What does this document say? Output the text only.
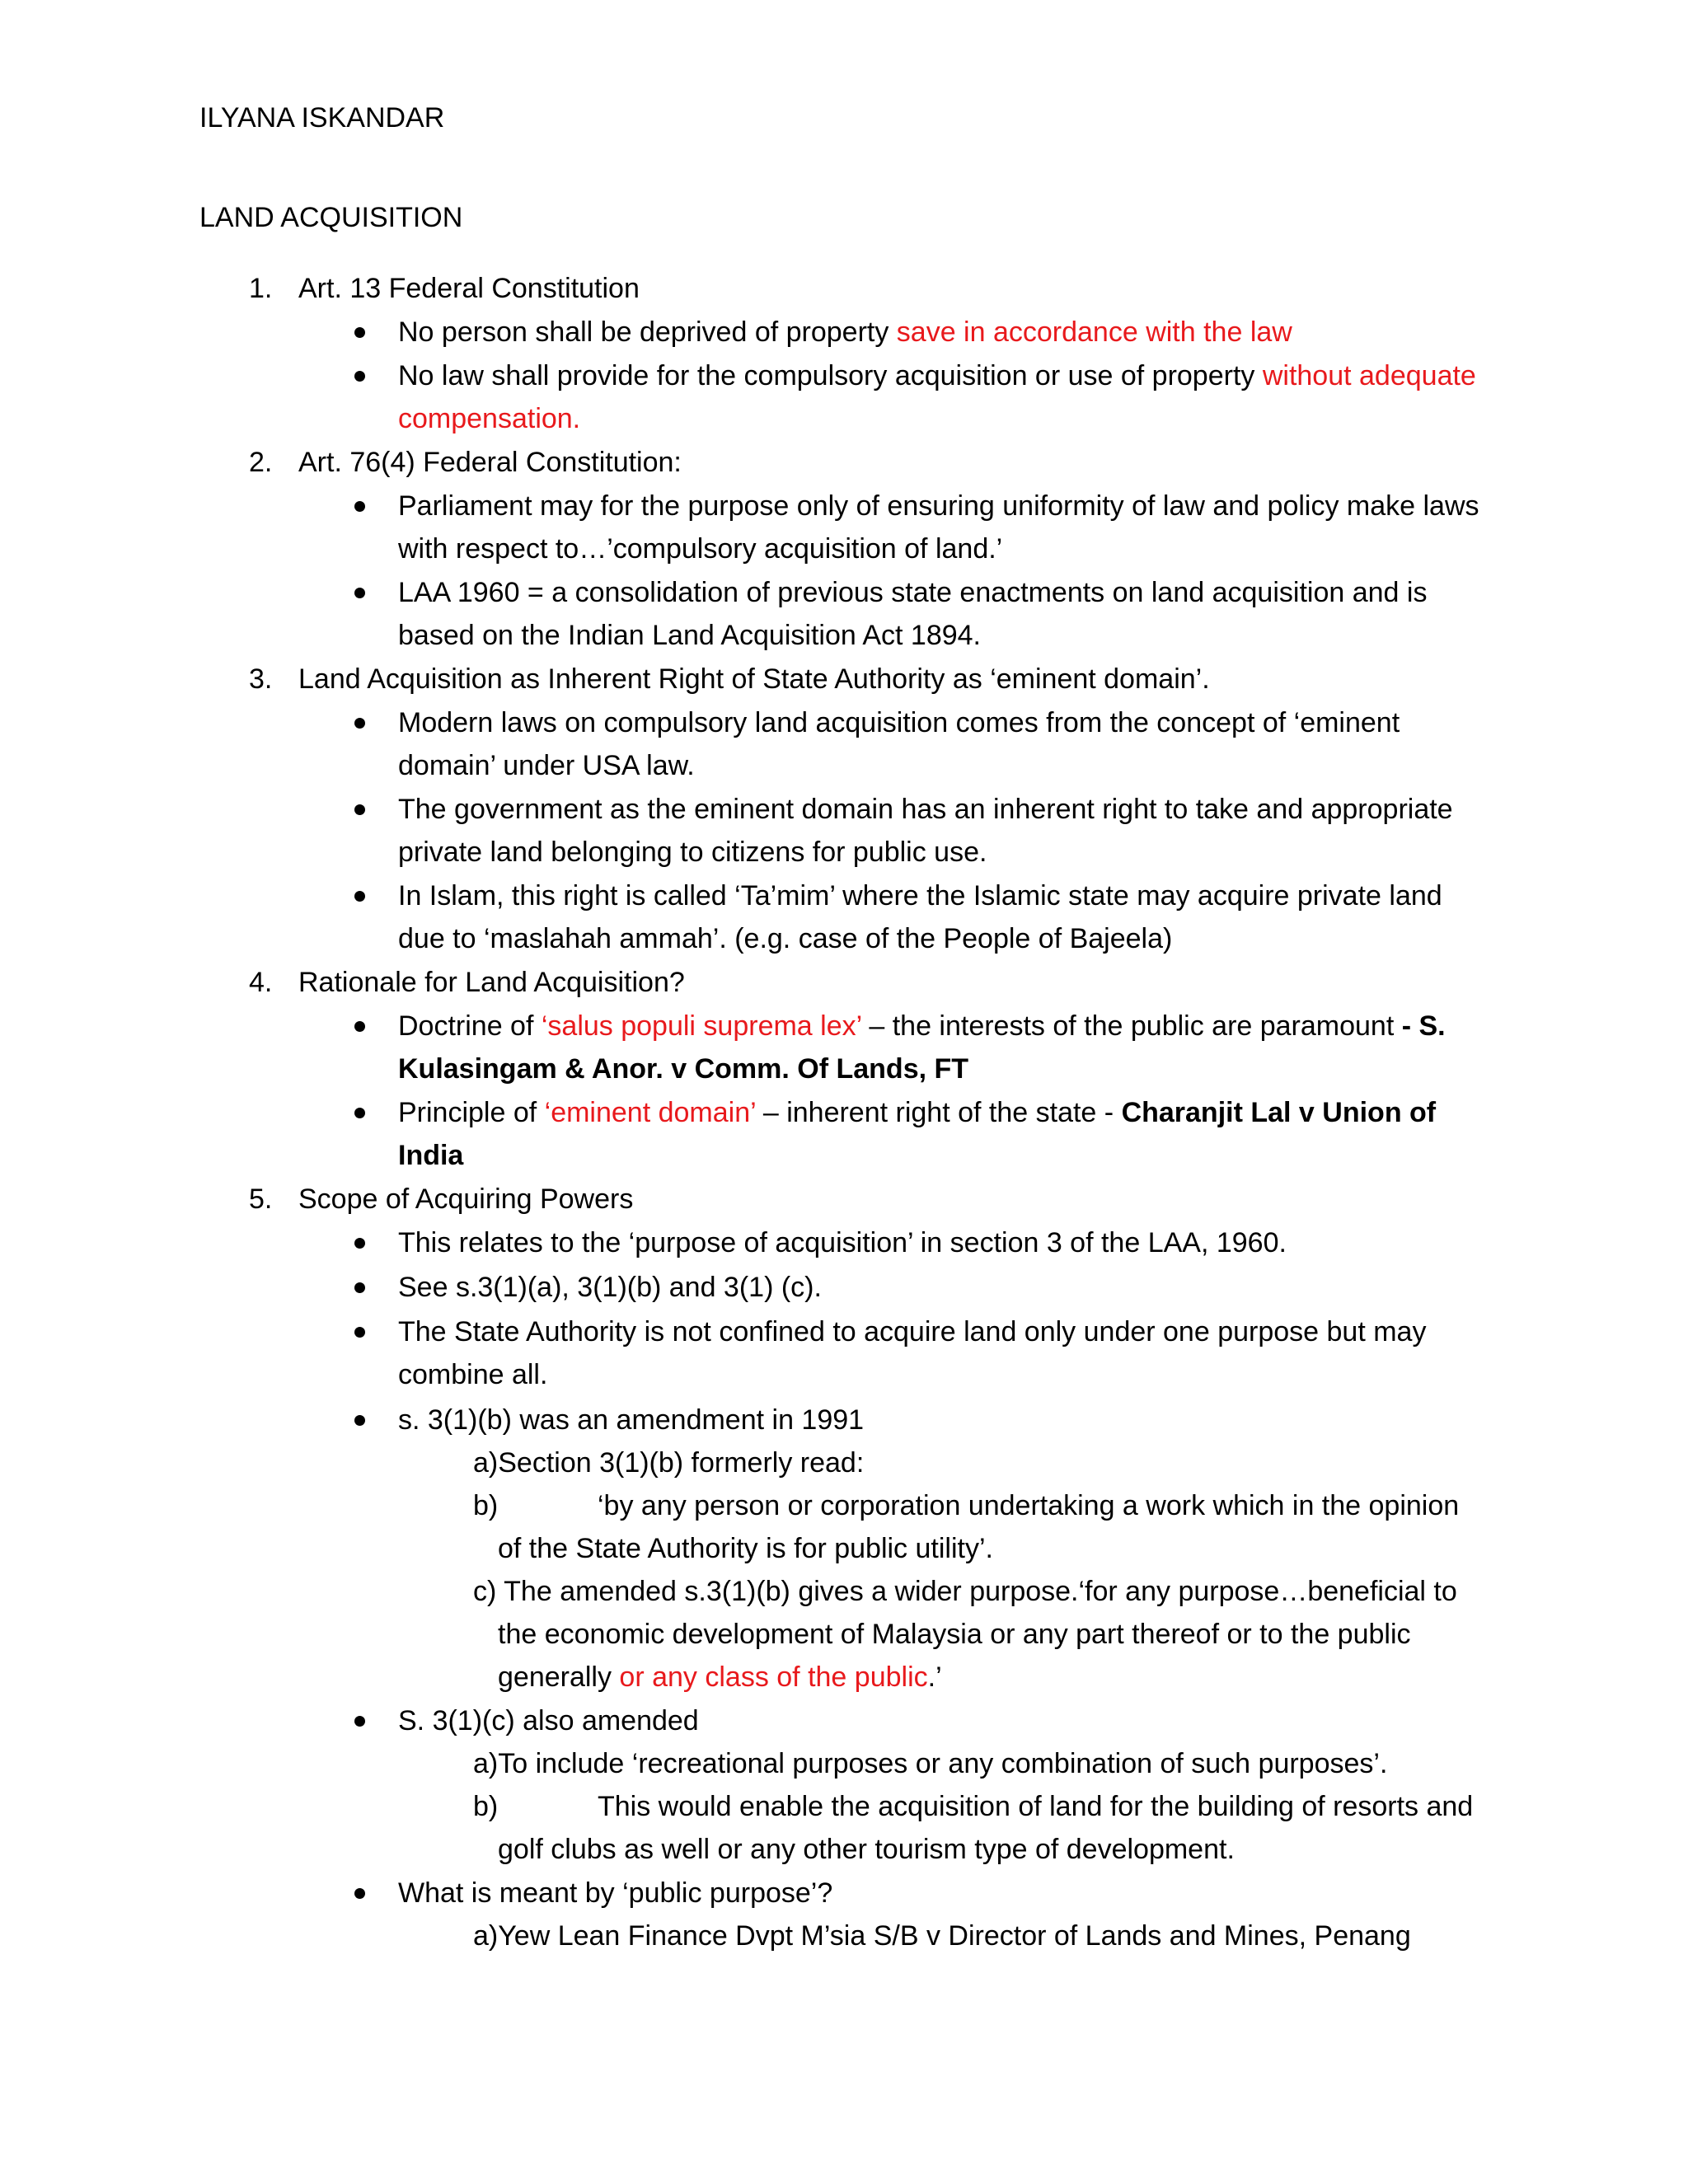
ILYANA ISKANDAR
LAND ACQUISITION
1. Art. 13 Federal Constitution
No person shall be deprived of property save in accordance with the law
No law shall provide for the compulsory acquisition or use of property without adequate
compensation.
2. Art. 76(4) Federal Constitution:
Parliament may for the purpose only of ensuring uniformity of law and policy make laws
with respect to…’compulsory acquisition of land.’
LAA 1960 = a consolidation of previous state enactments on land acquisition and is
based on the Indian Land Acquisition Act 1894.
3. Land Acquisition as Inherent Right of State Authority as ‘eminent domain’.
Modern laws on compulsory land acquisition comes from the concept of ‘eminent
domain’ under USA law.
The government as the eminent domain has an inherent right to take and appropriate
private land belonging to citizens for public use.
In Islam, this right is called ‘Ta’mim’ where the Islamic state may acquire private land
due to ‘maslahah ammah’. (e.g. case of the People of Bajeela)
4. Rationale for Land Acquisition?
Doctrine of ‘salus populi suprema lex’ – the interests of the public are paramount - S.
Kulasingam & Anor. v Comm. Of Lands, FT
Principle of ‘eminent domain’ – inherent right of the state - Charanjit Lal v Union of
India
5. Scope of Acquiring Powers
This relates to the ‘purpose of acquisition’ in section 3 of the LAA, 1960.
See s.3(1)(a), 3(1)(b) and 3(1) (c).
The State Authority is not confined to acquire land only under one purpose but may
combine all.
s. 3(1)(b) was an amendment in 1991
a)Section 3(1)(b) formerly read:
b)	‘by any person or corporation undertaking a work which in the opinion
of the State Authority is for public utility’.
c) The amended s.3(1)(b) gives a wider purpose.‘for any purpose…beneficial to
the economic development of Malaysia or any part thereof or to the public
generally or any class of the public.’
S. 3(1)(c) also amended
a)To include ‘recreational purposes or any combination of such purposes’.
b)	This would enable the acquisition of land for the building of resorts and
golf clubs as well or any other tourism type of development.
What is meant by ‘public purpose’?
a)Yew Lean Finance Dvpt M’sia S/B v Director of Lands and Mines, Penang
